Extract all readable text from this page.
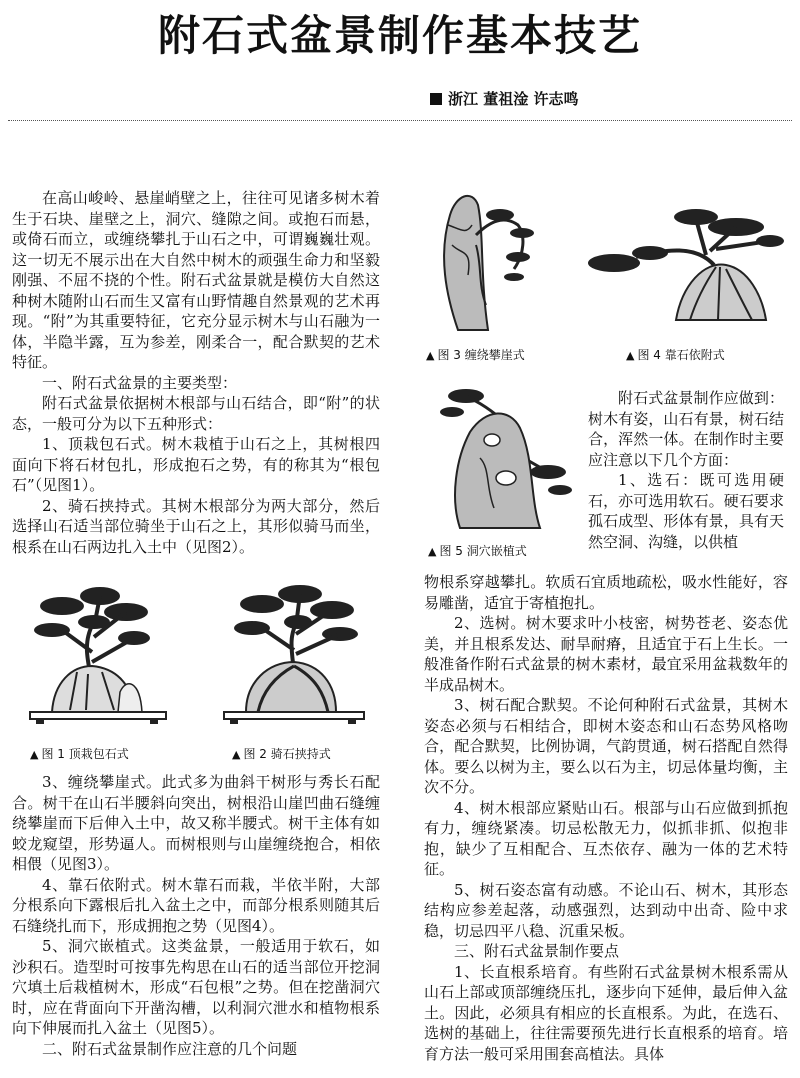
附石式盆景制作基本技艺
浙江 董祖淦 许志鸣

在高山峻岭、悬崖峭壁之上，往往可见诸多树木着生于石块、崖壁之上，洞穴、缝隙之间。或抱石而悬，或倚石而立，或缠绕攀扎于山石之中，可谓巍巍壮观。这一切无不展示出在大自然中树木的顽强生命力和坚毅刚强、不屈不挠的个性。附石式盆景就是模仿大自然这种树木随附山石而生又富有山野情趣自然景观的艺术再现。“附”为其重要特征，它充分显示树木与山石融为一体，半隐半露，互为参差，刚柔合一，配合默契的艺术特征。

一、附石式盆景的主要类型：

附石式盆景依据树木根部与山石结合，即“附”的状态，一般可分为以下五种形式：

1、顶栽包石式。树木栽植于山石之上，其树根四面向下将石材包扎，形成抱石之势，有的称其为“根包石”（见图1）。

2、骑石挟持式。其树木根部分为两大部分，然后选择山石适当部位骑坐于山石之上，其形似骑马而坐，根系在山石两边扎入土中（见图2）。

▲ 图 1 顶栽包石式	▲ 图 2 骑石挟持式

3、缠绕攀崖式。此式多为曲斜干树形与秀长石配合。树干在山石半腰斜向突出，树根沿山崖凹曲石缝缠绕攀崖而下后伸入土中，故又称半腰式。树干主体有如蛟龙窥望，形势逼人。而树根则与山崖缠绕抱合，相依相偎（见图3）。

4、靠石依附式。树木靠石而栽，半依半附，大部分根系向下露根后扎入盆土之中，而部分根系则随其后石缝绕扎而下，形成拥抱之势（见图4）。

5、洞穴嵌植式。这类盆景，一般适用于软石，如沙积石。造型时可按事先构思在山石的适当部位开挖洞穴填土后栽植树木，形成“石包根”之势。但在挖凿洞穴时，应在背面向下开凿沟槽，以利洞穴泄水和植物根系向下伸展而扎入盆土（见图5）。

二、附石式盆景制作应注意的几个问题

▲ 图 3 缠绕攀崖式	▲ 图 4 靠石依附式
▲ 图 5 洞穴嵌植式

附石式盆景制作应做到：树木有姿，山石有景，树石结合，浑然一体。在制作时主要应注意以下几个方面：

1、选石：既可选用硬石，亦可选用软石。硬石要求孤石成型、形体有景，具有天然空洞、沟缝，以供植

物根系穿越攀扎。软质石宜质地疏松，吸水性能好，容易雕凿，适宜于寄植抱扎。

2、选树。树木要求叶小枝密，树势苍老、姿态优美，并且根系发达、耐旱耐瘠，且适宜于石上生长。一般准备作附石式盆景的树木素材，最宜采用盆栽数年的半成品树木。

3、树石配合默契。不论何种附石式盆景，其树木姿态必须与石相结合，即树木姿态和山石态势风格吻合，配合默契，比例协调，气韵贯通，树石搭配自然得体。要么以树为主，要么以石为主，切忌体量均衡，主次不分。

4、树木根部应紧贴山石。根部与山石应做到抓抱有力，缠绕紧凑。切忌松散无力，似抓非抓、似抱非抱，缺少了互相配合、互杰依存、融为一体的艺术特征。

5、树石姿态富有动感。不论山石、树木，其形态结构应参差起落，动感强烈，达到动中出奇、险中求稳，切忌四平八稳、沉重呆板。

三、附石式盆景制作要点

1、长直根系培育。有些附石式盆景树木根系需从山石上部或顶部缠绕压扎，逐步向下延伸，最后伸入盆土。因此，必须具有相应的长直根系。为此，在选石、选树的基础上，往往需要预先进行长直根系的培育。培育方法一般可采用围套高植法。具体
